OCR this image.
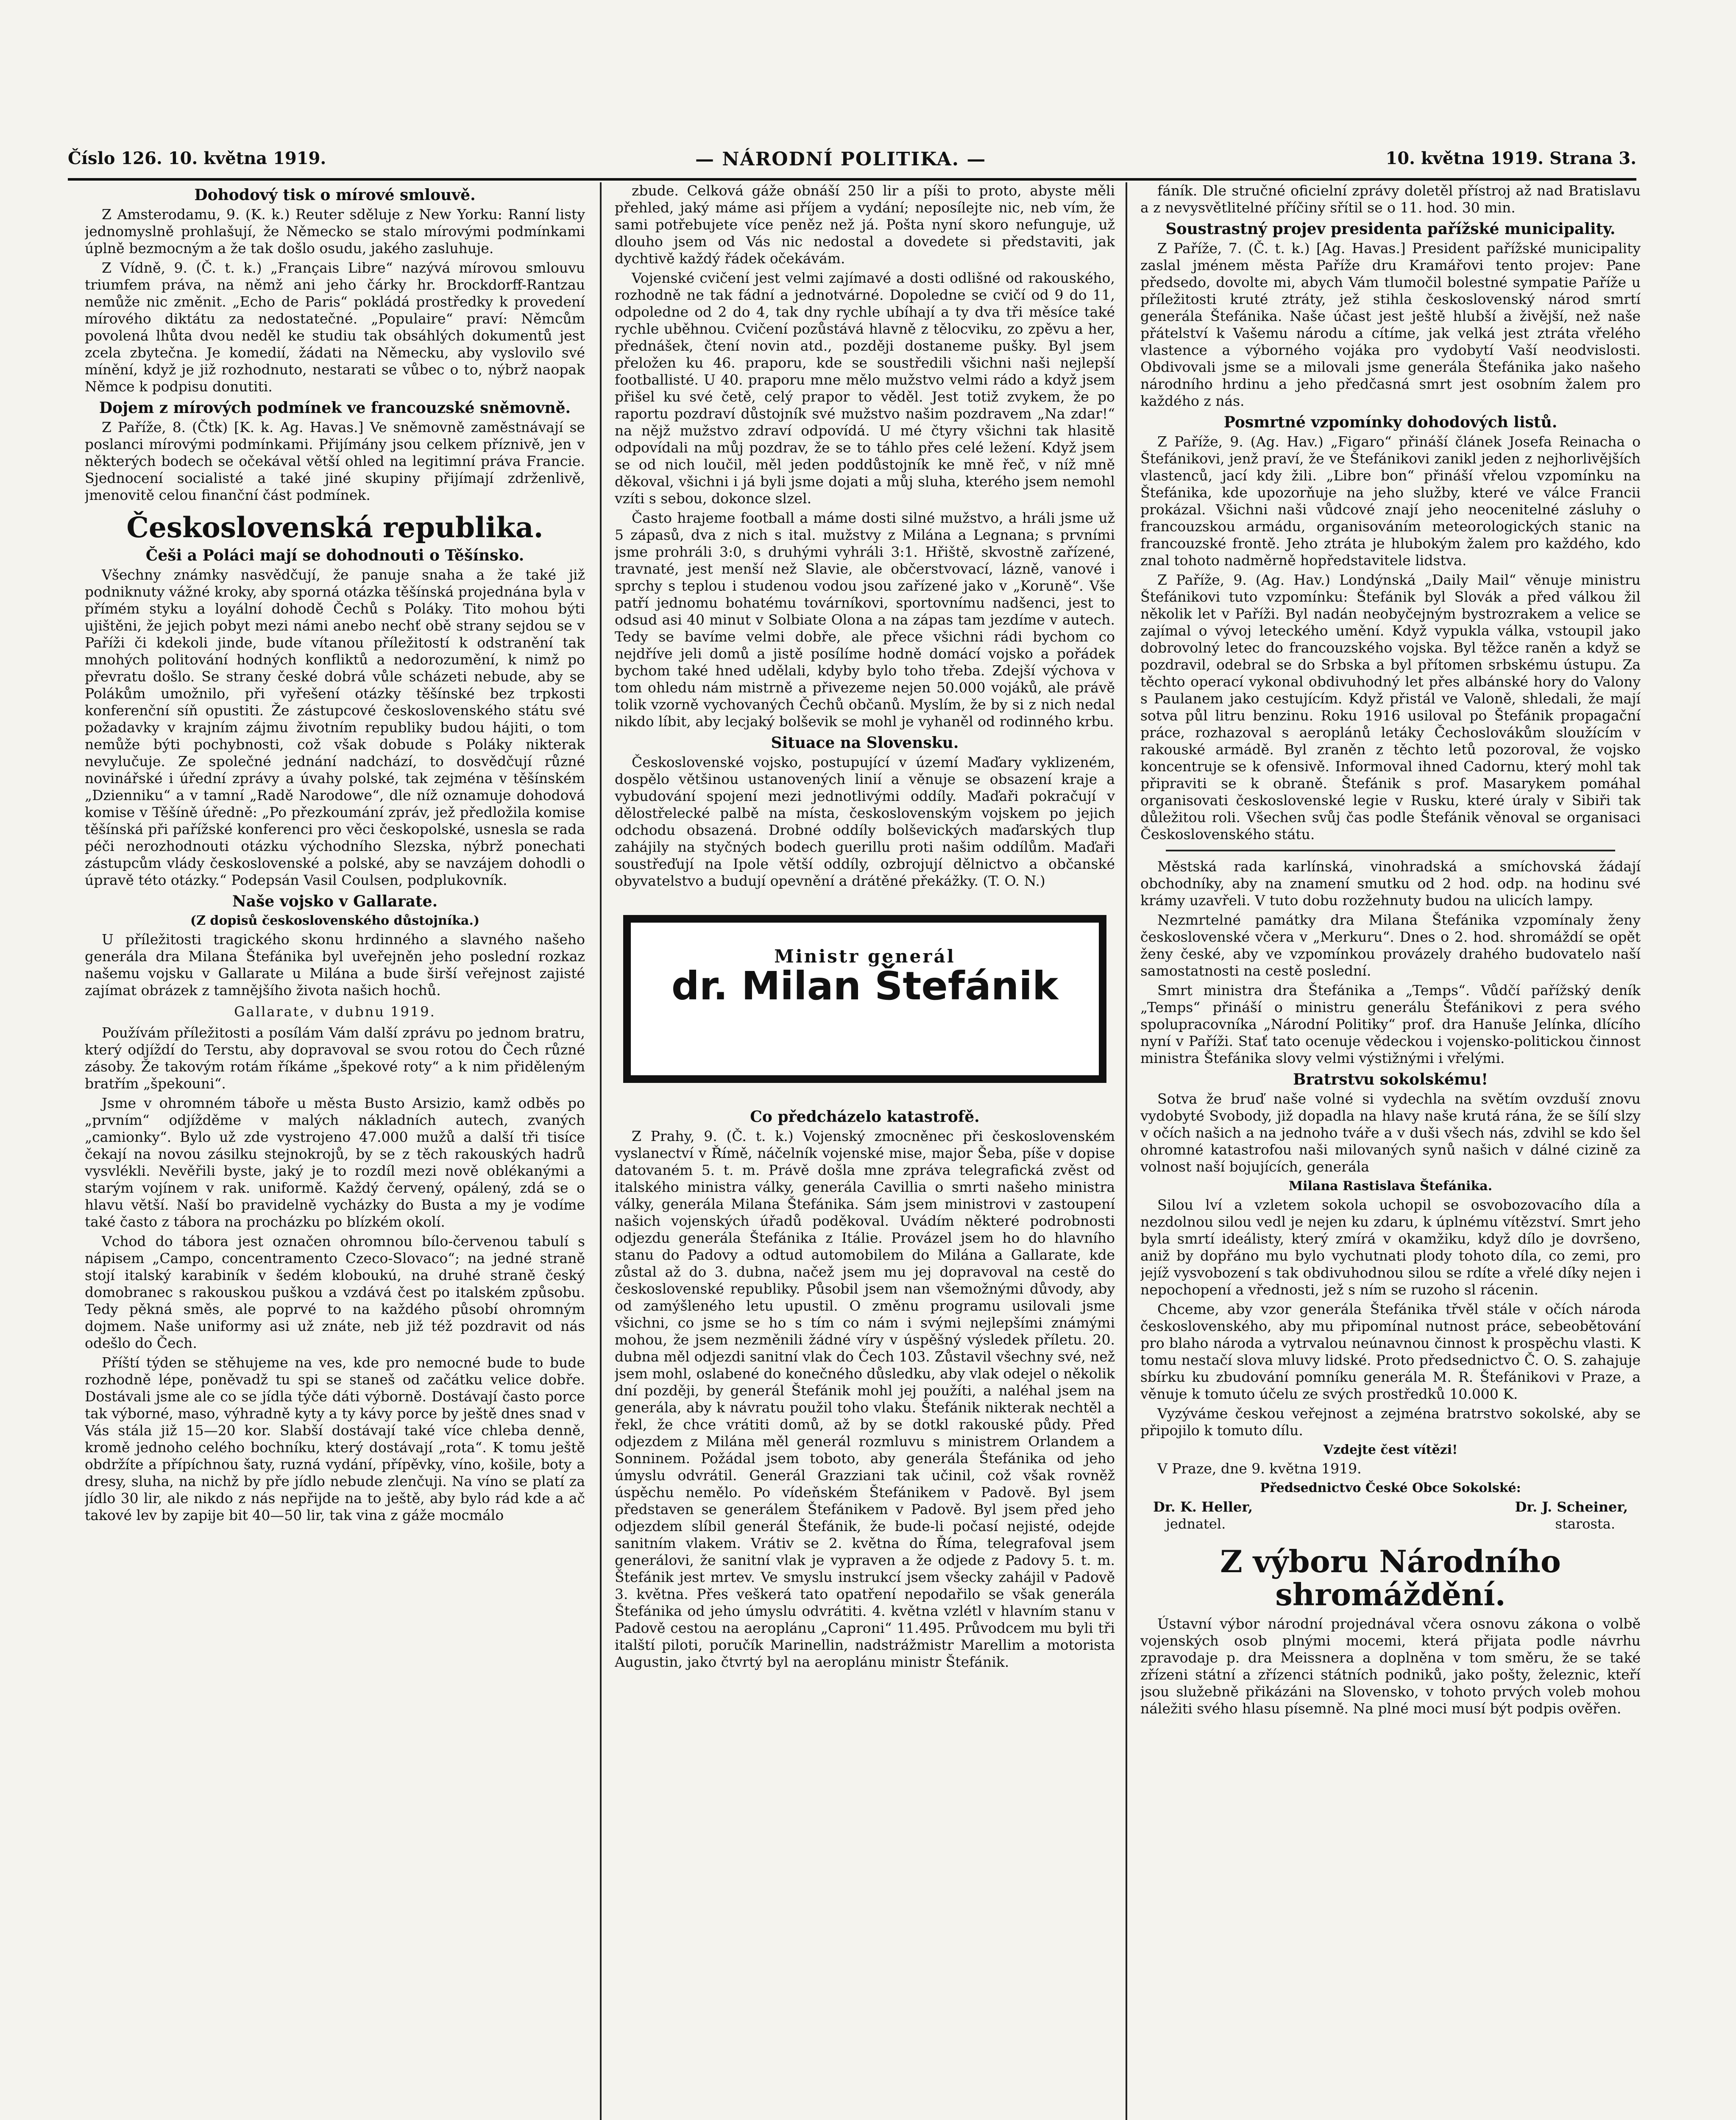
Číslo 126. 10. května 1919.	— NÁRODNÍ POLITIKA. —	10. května 1919. Strana 3.
Dohodový tisk o mírové smlouvě.

Z Amsterodamu, 9. (K. k.) Reuter sděluje z New Yorku: Ranní listy jednomyslně prohlašují, že Německo se stalo mírovými podmínkami úplně bezmocným a že tak došlo osudu, jakého zasluhuje.

Z Vídně, 9. (Č. t. k.) „Français Libre“ nazývá mírovou smlouvu triumfem práva, na němž ani jeho čárky hr. Brockdorff-Rantzau nemůže nic změnit. „Echo de Paris“ pokládá prostředky k provedení mírového diktátu za nedostatečné. „Populaire“ praví: Němcům povolená lhůta dvou neděl ke studiu tak obsáhlých dokumentů jest zcela zbytečna. Je komedií, žádati na Německu, aby vyslovilo své mínění, když je již rozhodnuto, nestarati se vůbec o to, nýbrž naopak Němce k podpisu donutiti.

Dojem z mírových podmínek ve francouzské sněmovně.

Z Paříže, 8. (Čtk) [K. k. Ag. Havas.] Ve sněmovně zaměstnávají se poslanci mírovými podmínkami. Přijímány jsou celkem příznivě, jen v některých bodech se očekával větší ohled na legitimní práva Francie. Sjednocení socialisté a také jiné skupiny přijímají zdrženlivě, jmenovitě celou finanční část podmínek.

Československá republika.
Češi a Poláci mají se dohodnouti o Těšínsko.

Všechny známky nasvědčují, že panuje snaha a že také již podniknuty vážné kroky, aby sporná otázka těšínská projednána byla v přímém styku a loyální dohodě Čechů s Poláky. Tito mohou býti ujištěni, že jejich pobyt mezi námi anebo nechť obě strany sejdou se v Paříži či kdekoli jinde, bude vítanou příležitostí k odstranění tak mnohých politování hodných konfliktů a nedorozumění, k nimž po převratu došlo. Se strany české dobrá vůle scházeti nebude, aby se Polákům umožnilo, při vyřešení otázky těšínské bez trpkosti konferenční síň opustiti. Že zástupcové československého státu své požadavky v krajním zájmu životním republiky budou hájiti, o tom nemůže býti pochybnosti, což však dobude s Poláky nikterak nevylučuje. Ze společné jednání nadchází, to dosvědčují různé novinářské i úřední zprávy a úvahy polské, tak zejména v těšínském „Dzienniku“ a v tamní „Radě Narodowe“, dle níž oznamuje dohodová komise v Těšíně úředně: „Po přezkoumání zpráv, jež předložila komise těšínská při pařížské konferenci pro věci českopolské, usnesla se rada péči nerozhodnouti otázku východního Slezska, nýbrž ponechati zástupcům vlády československé a polské, aby se navzájem dohodli o úpravě této otázky.“ Podepsán Vasil Coulsen, podplukovník.

Naše vojsko v Gallarate.
(Z dopisů československého důstojníka.)

U příležitosti tragického skonu hrdinného a slavného našeho generála dra Milana Štefánika byl uveřejněn jeho poslední rozkaz našemu vojsku v Gallarate u Milána a bude širší veřejnost zajisté zajímat obrázek z tamnějšího života našich hochů.

Gallarate, v dubnu 1919.

Používám příležitosti a posílám Vám další zprávu po jednom bratru, který odjíždí do Terstu, aby dopravoval se svou rotou do Čech různé zásoby. Že takovým rotám říkáme „špekové roty“ a k nim přiděleným bratřím „špekouni“.

Jsme v ohromném táboře u města Busto Arsizio, kamž odběs po „prvním“ odjížděme v malých nákladních autech, zvaných „camionky“. Bylo už zde vystrojeno 47.000 mužů a další tři tisíce čekají na novou zásilku stejnokrojů, by se z těch rakouských hadrů vysvlékli. Nevěřili byste, jaký je to rozdíl mezi nově oblékanými a starým vojínem v rak. uniformě. Každý červený, opálený, zdá se o hlavu větší. Naší bo pravidelně vycházky do Busta a my je vodíme také často z tábora na procházku po blízkém okolí.

Vchod do tábora jest označen ohromnou bílo-červenou tabulí s nápisem „Campo, concentramento Czeco-Slovaco“; na jedné straně stojí italský karabiník v šedém kloboukú, na druhé straně český domobranec s rakouskou puškou a vzdává čest po italském způsobu. Tedy pěkná směs, ale poprvé to na každého působí ohromným dojmem. Naše uniformy asi už znáte, neb již též pozdravit od nás odešlo do Čech.

Příští týden se stěhujeme na ves, kde pro nemocné bude to bude rozhodně lépe, poněvadž tu spi se staneš od začátku velice dobře. Dostávali jsme ale co se jídla týče dáti výborně. Dostávají často porce tak výborné, maso, výhradně kyty a ty kávy porce by ještě dnes snad v Vás stála již 15—20 kor. Slabší dostávají také více chleba denně, kromě jednoho celého bochníku, který dostávají „rota“. K tomu ještě obdržíte a přípíchnou šaty, ruzná vydání, přípěvky, víno, košile, boty a dresy, sluha, na nichž by pře jídlo nebude zlenčuji. Na víno se platí za jídlo 30 lir, ale nikdo z nás nepřijde na to ještě, aby bylo rád kde a ač takové lev by zapije bit 40—50 lir, tak vina z gáže mocmálo

zbude. Celková gáže obnáší 250 lir a píši to proto, abyste měli přehled, jaký máme asi příjem a vydání; neposílejte nic, neb vím, že sami potřebujete více peněz než já. Pošta nyní skoro nefunguje, už dlouho jsem od Vás nic nedostal a dovedete si představiti, jak dychtivě každý řádek očekávám.

Vojenské cvičení jest velmi zajímavé a dosti odlišné od rakouského, rozhodně ne tak fádní a jednotvárné. Dopoledne se cvičí od 9 do 11, odpoledne od 2 do 4, tak dny rychle ubíhají a ty dva tři měsíce také rychle uběhnou. Cvičení pozůstává hlavně z tělocviku, zo zpěvu a her, přednášek, čtení novin atd., později dostaneme pušky. Byl jsem přeložen ku 46. praporu, kde se soustředili všichni naši nejlepší footballisté. U 40. praporu mne mělo mužstvo velmi rádo a když jsem přišel ku své četě, celý prapor to věděl. Jest totiž zvykem, že po raportu pozdraví důstojník své mužstvo našim pozdravem „Na zdar!“ na nějž mužstvo zdraví odpovídá. U mé čtyry všichni tak hlasitě odpovídali na můj pozdrav, že se to táhlo přes celé ležení. Když jsem se od nich loučil, měl jeden poddůstojník ke mně řeč, v níž mně děkoval, všichni i já byli jsme dojati a můj sluha, kterého jsem nemohl vzíti s sebou, dokonce slzel.

Často hrajeme football a máme dosti silné mužstvo, a hráli jsme už 5 zápasů, dva z nich s ital. mužstvy z Milána a Legnana; s prvními jsme prohráli 3:0, s druhými vyhráli 3:1. Hřiště, skvostně zařízené, travnaté, jest menší než Slavie, ale občerstvovací, lázně, vanové i sprchy s teplou i studenou vodou jsou zařízené jako v „Koruně“. Vše patří jednomu bohatému továrníkovi, sportovnímu nadšenci, jest to odsud asi 40 minut v Solbiate Olona a na zápas tam jezdíme v autech. Tedy se bavíme velmi dobře, ale přece všichni rádi bychom co nejdříve jeli domů a jistě posílíme hodně domácí vojsko a pořádek bychom také hned udělali, kdyby bylo toho třeba. Zdejší výchova v tom ohledu nám mistrně a přivezeme nejen 50.000 vojáků, ale právě tolik vzorně vychovaných Čechů občanů. Myslím, že by si z nich nedal nikdo líbit, aby lecjaký bolševik se mohl je vyhaněl od rodinného krbu.

Situace na Slovensku.

Československé vojsko, postupující v území Maďary vyklizeném, dospělo většinou ustanovených linií a věnuje se obsazení kraje a vybudování spojení mezi jednotlivými oddíly. Maďaři pokračují v dělostřelecké palbě na místa, československým vojskem po jejich odchodu obsazená. Drobné oddíly bolševických maďarských tlup zahájily na styčných bodech guerillu proti našim oddílům. Maďaři soustřeďují na Ipole větší oddíly, ozbrojují dělnictvo a občanské obyvatelstvo a budují opevnění a drátěné překážky. (T. O. N.)

Ministr generál
dr. Milan Štefánik
Co předcházelo katastrofě.

Z Prahy, 9. (Č. t. k.) Vojenský zmocněnec při československém vyslanectví v Římě, náčelník vojenské mise, major Šeba, píše v dopise datovaném 5. t. m. Právě došla mne zpráva telegrafická zvěst od italského ministra války, generála Cavillia o smrti našeho ministra války, generála Milana Štefánika. Sám jsem ministrovi v zastoupení našich vojenských úřadů poděkoval. Uvádím některé podrobnosti odjezdu generála Štefánika z Itálie. Provázel jsem ho do hlavního stanu do Padovy a odtud automobilem do Milána a Gallarate, kde zůstal až do 3. dubna, načež jsem mu jej dopravoval na cestě do československé republiky. Působil jsem nan všemožnými důvody, aby od zamýšleného letu upustil. O změnu programu usilovali jsme všichni, co jsme se ho s tím co nám i svými nejlepšími známými mohou, že jsem nezměnili žádné víry v úspěšný výsledek příletu. 20. dubna měl odjezdi sanitní vlak do Čech 103. Zůstavil všechny své, než jsem mohl, oslabené do konečného důsledku, aby vlak odejel o několik dní později, by generál Štefánik mohl jej použíti, a naléhal jsem na generála, aby k návratu použil toho vlaku. Štefánik nikterak nechtěl a řekl, že chce vrátiti domů, až by se dotkl rakouské půdy. Před odjezdem z Milána měl generál rozmluvu s ministrem Orlandem a Sonninem. Požádal jsem toboto, aby generála Štefánika od jeho úmyslu odvrátil. Generál Grazziani tak učinil, což však rovněž úspěchu nemělo. Po vídeňském Štefánikem v Padově. Byl jsem představen se generálem Štefánikem v Padově. Byl jsem před jeho odjezdem slíbil generál Štefánik, že bude-li počasí nejisté, odejde sanitním vlakem. Vrátiv se 2. května do Říma, telegrafoval jsem generálovi, že sanitní vlak je vypraven a že odjede z Padovy 5. t. m. Štefánik jest mrtev. Ve smyslu instrukcí jsem všecky zahájil v Padově 3. května. Přes veškerá tato opatření nepodařilo se však generála Štefánika od jeho úmyslu odvrátiti. 4. května vzlétl v hlavním stanu v Padově cestou na aeroplánu „Caproni“ 11.495. Průvodcem mu byli tři italští piloti, poručík Marinellin, nadstrážmistr Marellim a motorista Augustin, jako čtvrtý byl na aeroplánu ministr Štefánik.

fáník. Dle stručné oficielní zprávy doletěl přístroj až nad Bratislavu a z nevysvětlitelné příčiny sřítil se o 11. hod. 30 min.

Soustrastný projev presidenta pařížské municipality.

Z Paříže, 7. (Č. t. k.) [Ag. Havas.] President pařížské municipality zaslal jménem města Paříže dru Kramářovi tento projev: Pane předsedo, dovolte mi, abych Vám tlumočil bolestné sympatie Paříže u příležitosti kruté ztráty, jež stihla československý národ smrtí generála Štefánika. Naše účast jest ještě hlubší a živější, než naše přátelství k Vašemu národu a cítíme, jak velká jest ztráta vřelého vlastence a výborného vojáka pro vydobytí Vaší neodvislosti. Obdivovali jsme se a milovali jsme generála Štefánika jako našeho národního hrdinu a jeho předčasná smrt jest osobním žalem pro každého z nás.

Posmrtné vzpomínky dohodových listů.

Z Paříže, 9. (Ag. Hav.) „Figaro“ přináší článek Josefa Reinacha o Štefánikovi, jenž praví, že ve Štefánikovi zanikl jeden z nejhorlivějších vlastenců, jací kdy žili. „Libre bon“ přináší vřelou vzpomínku na Štefánika, kde upozorňuje na jeho služby, které ve válce Francii prokázal. Všichni naši vůdcové znají jeho neocenitelné zásluhy o francouzskou armádu, organisováním meteorologických stanic na francouzské frontě. Jeho ztráta je hlubokým žalem pro každého, kdo znal tohoto nadměrně hopředstavitele lidstva.

Z Paříže, 9. (Ag. Hav.) Londýnská „Daily Mail“ věnuje ministru Štefánikovi tuto vzpomínku: Štefánik byl Slovák a před válkou žil několik let v Paříži. Byl nadán neobyčejným bystrozrakem a velice se zajímal o vývoj leteckého umění. Když vypukla válka, vstoupil jako dobrovolný letec do francouzského vojska. Byl těžce raněn a když se pozdravil, odebral se do Srbska a byl přítomen srbskému ústupu. Za těchto operací vykonal obdivuhodný let přes albánské hory do Valony s Paulanem jako cestujícím. Když přistál ve Valoně, shledali, že mají sotva půl litru benzinu. Roku 1916 usiloval po Štefánik propagační práce, rozhazoval s aeroplánů letáky Čechoslovákům sloužícím v rakouské armádě. Byl zraněn z těchto letů pozoroval, že vojsko koncentruje se k ofensivě. Informoval ihned Cadornu, který mohl tak připraviti se k obraně. Štefánik s prof. Masarykem pomáhal organisovati československé legie v Rusku, které úraly v Sibiři tak důležitou roli. Všechen svůj čas podle Štefánik věnoval se organisaci Československého státu.

Městská rada karlínská, vinohradská a smíchovská žádají obchodníky, aby na znamení smutku od 2 hod. odp. na hodinu své krámy uzavřeli. V tuto dobu rozžehnuty budou na ulicích lampy.

Nezmrtelné památky dra Milana Štefánika vzpomínaly ženy československé včera v „Merkuru“. Dnes o 2. hod. shromáždí se opět ženy české, aby ve vzpomínkou provázely drahého budovatelo naší samostatnosti na cestě poslední.

Smrt ministra dra Štefánika a „Temps“. Vůdčí pařížský deník „Temps“ přináší o ministru generálu Štefánikovi z pera svého spolupracovníka „Národní Politiky“ prof. dra Hanuše Jelínka, dlícího nyní v Paříži. Stať tato ocenuje vědeckou i vojensko-politickou činnost ministra Štefánika slovy velmi výstižnými i vřelými.

Bratrstvu sokolskému!

Sotva že bruď naše volné si vydechla na světím ovzduší znovu vydobyté Svobody, již dopadla na hlavy naše krutá rána, že se šílí slzy v očích našich a na jednoho tváře a v duši všech nás, zdvihl se kdo šel ohromné katastrofou naši milovaných synů našich v dálné cizině za volnost naší bojujících, generála

Milana Rastislava Štefánika.

Silou lví a vzletem sokola uchopil se osvobozovacího díla a nezdolnou silou vedl je nejen ku zdaru, k úplnému vítězství. Smrt jeho byla smrtí ideálisty, který zmírá v okamžiku, když dílo je dovršeno, aniž by dopřáno mu bylo vychutnati plody tohoto díla, co zemi, pro jejíž vysvobození s tak obdivuhodnou silou se rdíte a vřelé díky nejen i nepochopení a vřednosti, jež s ním se ruzoho sl rácenin.

Chceme, aby vzor generála Štefánika třvěl stále v očích národa československého, aby mu připomínal nutnost práce, sebeobětování pro blaho národa a vytrvalou neúnavnou činnost k prospěchu vlasti. K tomu nestačí slova mluvy lidské. Proto předsednictvo Č. O. S. zahajuje sbírku ku zbudování pomníku generála M. R. Štefánikovi v Praze, a věnuje k tomuto účelu ze svých prostředků 10.000 K.

Vyzýváme českou veřejnost a zejména bratrstvo sokolské, aby se připojilo k tomuto dílu.

Vzdejte čest vítězi!

V Praze, dne 9. května 1919.

Předsednictvo České Obce Sokolské:
Dr. K. Heller,	Dr. J. Scheiner,
jednatel.	starosta.
Z výboru Národního shromáždění.

Ústavní výbor národní projednával včera osnovu zákona o volbě vojenských osob plnými mocemi, která přijata podle návrhu zpravodaje p. dra Meissnera a doplněna v tom směru, že se také zřízeni státní a zřízenci státních podniků, jako pošty, železnic, kteří jsou služebně přikázáni na Slovensko, v tohoto prvých voleb mohou náležiti svého hlasu písemně. Na plné moci musí být podpis ověřen.
